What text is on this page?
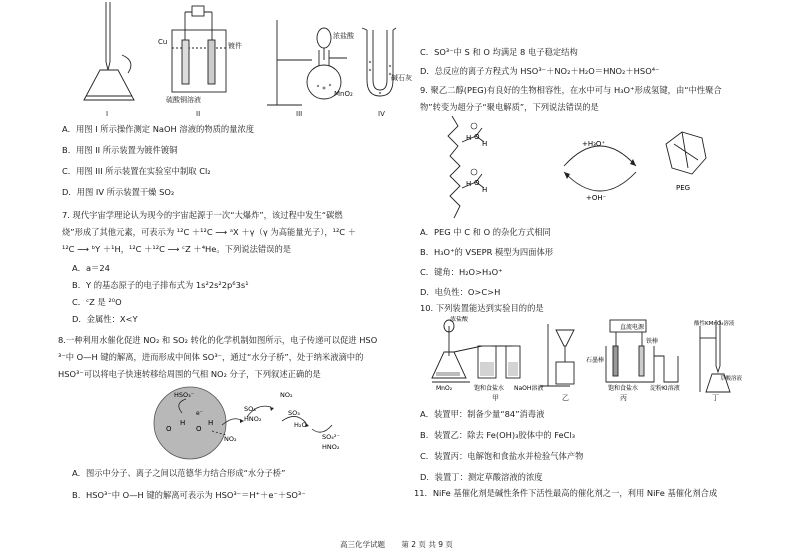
Cu	镀件
硫酸铜溶液
浓盐酸
MnO₂
碱石灰
I	II	III	IV
A．用图 I 所示操作测定 NaOH 溶液的物质的量浓度
B．用图 II 所示装置为镀件镀铜
C．用图 III 所示装置在实验室中制取 Cl₂
D．用图 IV 所示装置干燥 SO₂
7. 现代宇宙学理论认为现今的宇宙起源于一次“大爆炸”，该过程中发生“碳燃
烧”形成了其他元素，可表示为 ¹²C ＋¹²C ⟶ ᵃX ＋γ（γ 为高能量光子），¹²C ＋
¹²C ⟶ ᵇY ＋¹H，¹²C ＋¹²C ⟶ ᶜZ ＋⁴He。下列说法错误的是
A．a＝24
B．Y 的基态原子的电子排布式为 1s²2s²2p⁶3s¹
C．ᶜZ 是 ²⁰O
D．金属性：X<Y
8.一种利用水催化促进 NO₂ 和 SO₂ 转化的化学机制如图所示，电子传递可以促进 HSO
³⁻中 O—H 键的解离，进而形成中间体 SO³⁻，通过“水分子桥”，处于纳米液滴中的
HSO³⁻可以将电子快速转移给周围的气相 NO₂ 分子，下列叙述正确的是
HSO₃⁻
O
H
O
H
e⁻
NO₂
SO₃⁻
HNO₂
NO₂
SO₃
H₂O
SO₄²⁻
HNO₂
A．图示中分子、离子之间以范德华力结合形成“水分子桥”
B．HSO³⁻中 O—H 键的解离可表示为 HSO³⁻＝H⁺＋e⁻＋SO³⁻
C．SO³⁻中 S 和 O 均满足 8 电子稳定结构
D．总反应的离子方程式为 HSO³⁻＋NO₂＋H₂O＝HNO₂＋HSO⁴⁻
9. 聚乙二醇(PEG)有良好的生物相容性，在水中可与 H₃O⁺形成氢键，由“中性聚合
物”转变为超分子“聚电解质”，下列说法错误的是
H O
H
H O
H
+H₃O⁺
+OH⁻
PEG
A．PEG 中 C 和 O 的杂化方式相同
B．H₃O⁺的 VSEPR 模型为四面体形
C．键角：H₂O>H₃O⁺
D．电负性：O>C>H
10. 下列装置能达到实验目的的是
浓盐酸
直流电源
铁棒
酸性KMnO₄溶液
MnO₂	饱和食盐水 NaOH溶液
石墨棒
饱和食盐水 淀粉KI溶液
草酸溶液
甲	乙	丙	丁
A．装置甲：制备少量“84”消毒液
B．装置乙：除去 Fe(OH)₃胶体中的 FeCl₃
C．装置丙：电解饱和食盐水并检验气体产物
D．装置丁：测定草酸溶液的浓度
11．NiFe 基催化剂是碱性条件下活性最高的催化剂之一，利用 NiFe 基催化剂合成
高三化学试题 第 2 页 共 9 页
